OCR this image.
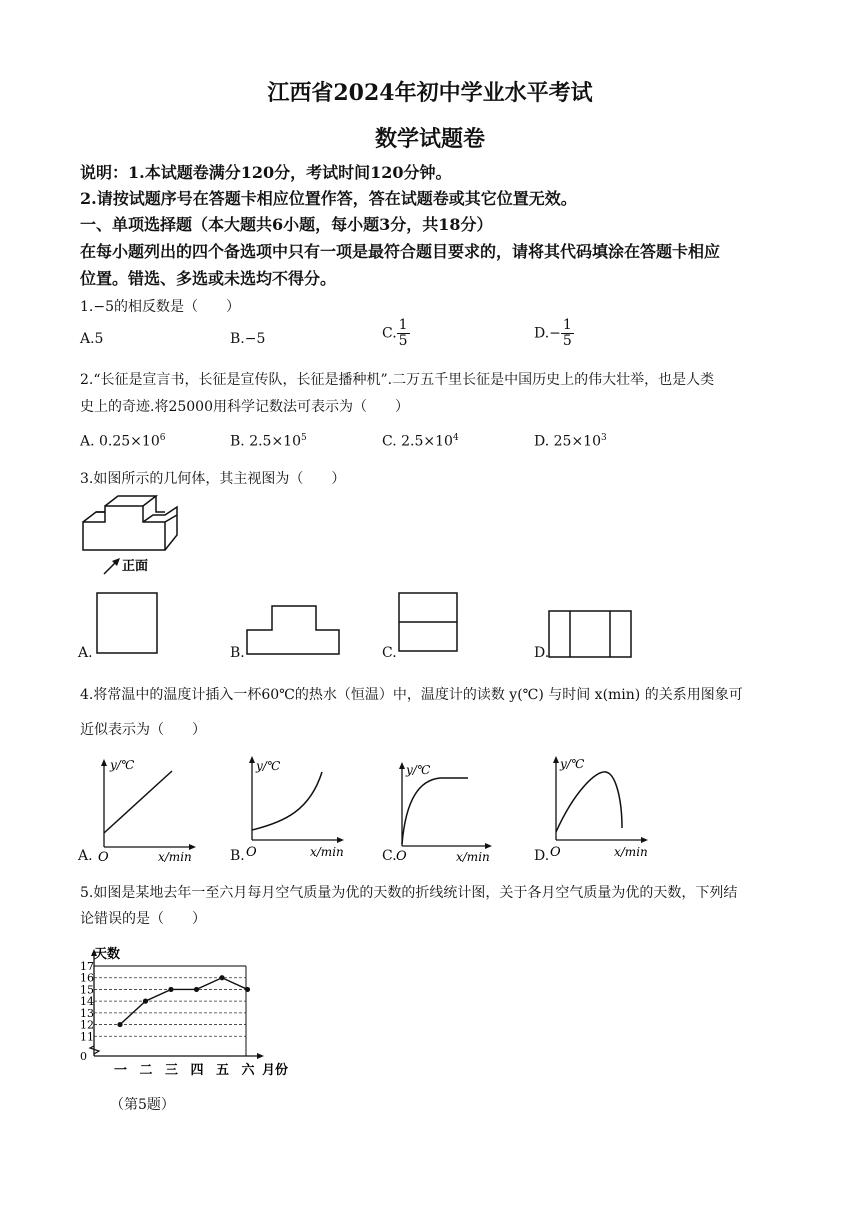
江西省2024年初中学业水平考试
数学试题卷
说明：1.本试题卷满分120分，考试时间120分钟。
2.请按试题序号在答题卡相应位置作答，答在试题卷或其它位置无效。
一、单项选择题（本大题共6小题，每小题3分，共18分）
在每小题列出的四个备选项中只有一项是最符合题目要求的，请将其代码填涂在答题卡相应
位置。错选、多选或未选均不得分。
1.−5的相反数是（　　）
A.5	B.−5	C. $\frac{1}{5}$	$D.- \frac{1}{5}$
2.“长征是宣言书，长征是宣传队，长征是播种机”.二万五千里长征是中国历史上的伟大壮举，也是人类
史上的奇迹.将25000用科学记数法可表示为（　　）
A. $0.25\times 10^6$	B. $2.5\times 10^5$	C. $2.5\times 10^4$	D. $25\times 10^3$
3.如图所示的几何体，其主视图为（　　）
正面
A.	B.	C.	D.
4.将常温中的温度计插入一杯60℃的热水（恒温）中，温度计的读数 y(℃) 与时间 x(min) 的关系用图象可
近似表示为（　　）
A.
y/℃
x/min
O	B.
y/℃
x/min
O	C.
y/℃
x/min
O	D.
y/℃
x/min
O
5.如图是某地去年一至六月每月空气质量为优的天数的折线统计图，关于各月空气质量为优的天数，下列结
论错误的是（　　）
0
11
12
13
14
15
16
17
一 二 三 四 五 六
天数
月份
（第5题）
